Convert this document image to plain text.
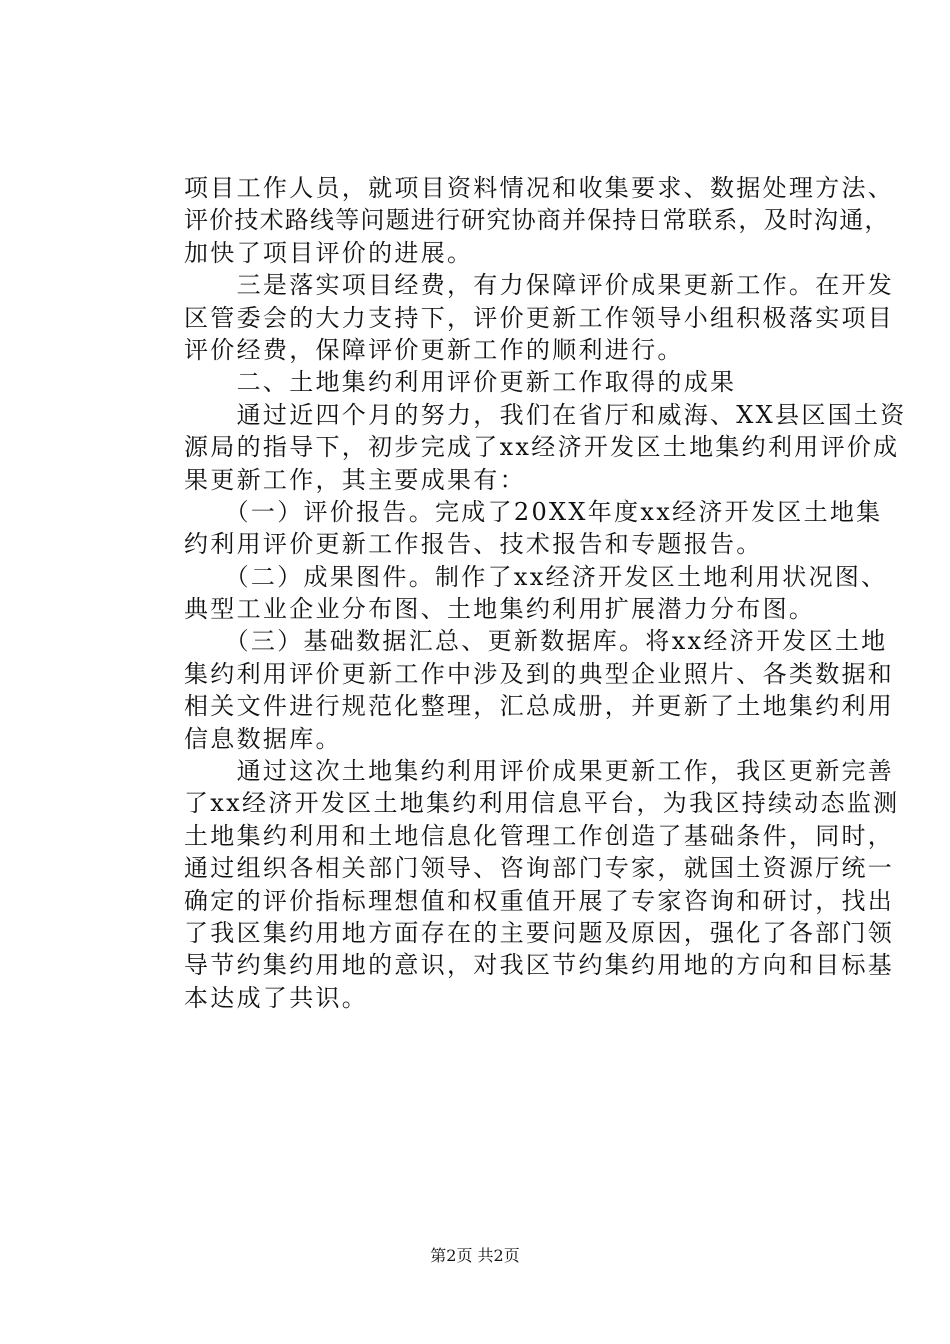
项目工作人员，就项目资料情况和收集要求、数据处理方法、
评价技术路线等问题进行研究协商并保持日常联系，及时沟通，
加快了项目评价的进展。
　　三是落实项目经费，有力保障评价成果更新工作。在开发
区管委会的大力支持下，评价更新工作领导小组积极落实项目
评价经费，保障评价更新工作的顺利进行。
　　二、土地集约利用评价更新工作取得的成果
　　通过近四个月的努力，我们在省厅和威海、XX县区国土资
源局的指导下，初步完成了xx经济开发区土地集约利用评价成
果更新工作，其主要成果有：
　　（一）评价报告。完成了20XX年度xx经济开发区土地集
约利用评价更新工作报告、技术报告和专题报告。
　　（二）成果图件。制作了xx经济开发区土地利用状况图、
典型工业企业分布图、土地集约利用扩展潜力分布图。
　　（三）基础数据汇总、更新数据库。将xx经济开发区土地
集约利用评价更新工作中涉及到的典型企业照片、各类数据和
相关文件进行规范化整理，汇总成册，并更新了土地集约利用
信息数据库。
　　通过这次土地集约利用评价成果更新工作，我区更新完善
了xx经济开发区土地集约利用信息平台，为我区持续动态监测
土地集约利用和土地信息化管理工作创造了基础条件，同时，
通过组织各相关部门领导、咨询部门专家，就国土资源厅统一
确定的评价指标理想值和权重值开展了专家咨询和研讨，找出
了我区集约用地方面存在的主要问题及原因，强化了各部门领
导节约集约用地的意识，对我区节约集约用地的方向和目标基
本达成了共识。
第2页 共2页
